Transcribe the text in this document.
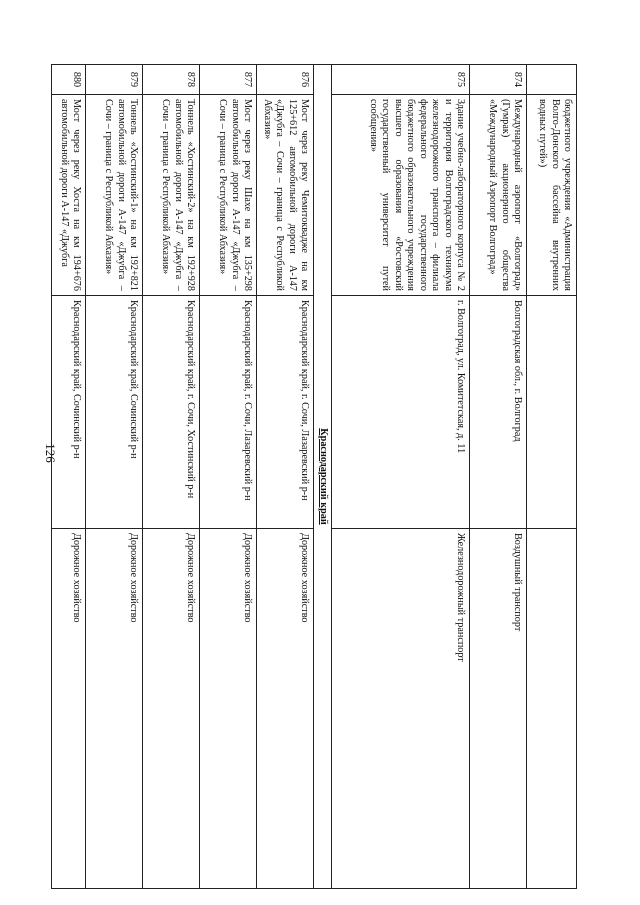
126
	бюджетного учреждения «Администрация Волго-Донского бассейна внутренних водных путей»)		
874	Международный аэропорт «Волгоград» (Гумрак) акционерного общества «Международный Аэропорт Волгоград»	Волгоградская обл., г. Волгоград	Воздушный транспорт
875	Здание учебно-лабораторного корпуса № 2 и территория Волгоградского техникума железнодорожного транспорта – филиала федерального государственного бюджетного образовательного учреждения высшего образования «Ростовский государственный университет путей сообщения»	г. Волгоград, ул. Комитетская, д. 11	Железнодорожный транспорт
Краснодарский край			
876	Мост через реку Чемитоквадже на км 125+612 автомобильной дороги А-147 «Джубга – Сочи – граница с Республикой Абхазия»	Краснодарский край, г. Сочи, Лазаревский р-н	Дорожное хозяйство
877	Мост через реку Шахе на км 135+298 автомобильной дороги А-147 «Джубга – Сочи – граница с Республикой Абхазия»	Краснодарский край, г. Сочи, Лазаревский р-н	Дорожное хозяйство
878	Тоннель «Хостинский-2» на км 192+928 автомобильной дороги А-147 «Джубга – Сочи – граница с Республикой Абхазия»	Краснодарский край, г. Сочи, Хостинский р-н	Дорожное хозяйство
879	Тоннель «Хостинский-1» на км 192+821 автомобильной дороги А-147 «Джубга – Сочи – граница с Республикой Абхазия»	Краснодарский край, Сочинский р-н	Дорожное хозяйство
880	Мост через реку Хоста на км 194+676 автомобильной дороги А-147 «Джубга	Краснодарский край, Сочинский р-н	Дорожное хозяйство
